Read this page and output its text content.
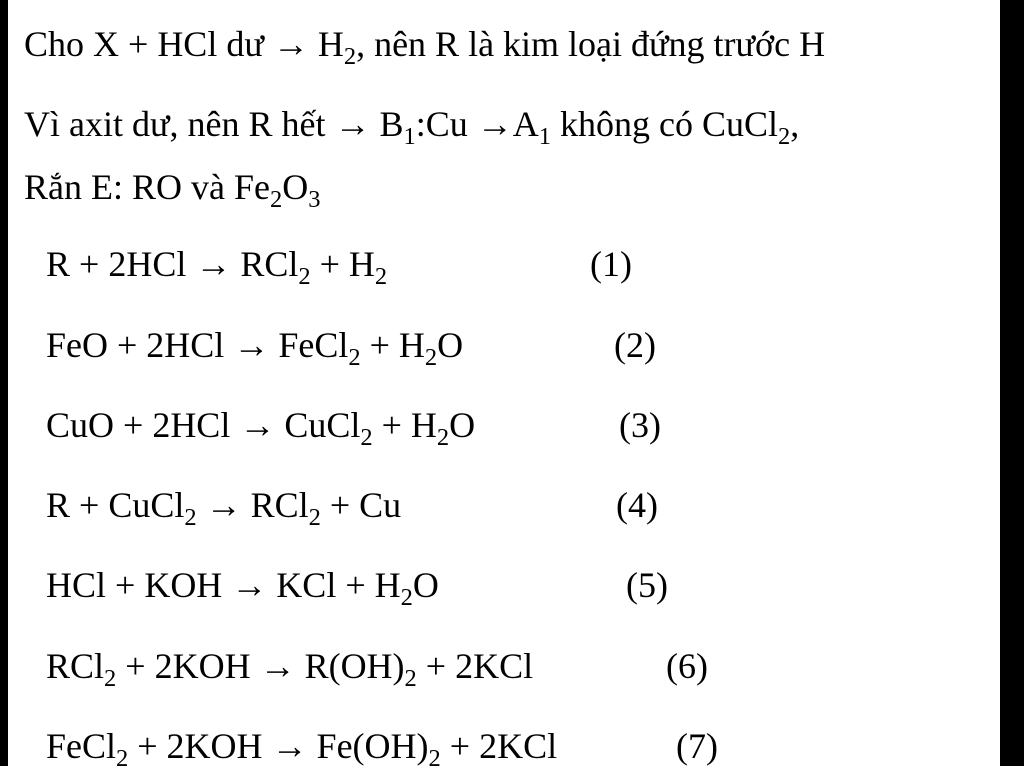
Cho X + HCl dư → $H_2$, nên R là kim loại đứng trước H
Vì axit dư, nên R hết → $B_1:Cu \to A_1$ không có CuCl$_2$,
Rắn E: RO và $Fe_2O_3$
$R + 2HCl \to RCl_2 + H_2$	(1)
FeO + 2HCl → FeCl$_2$ + $H_2O$	(2)
CuO + 2HCl → CuCl$_2$ + $H_2O$	(3)
R + CuCl$_2$ → RCl$_2$ + Cu	(4)
HCl + KOH → KCl + $H_2O$	(5)
$RCl_2 + 2KOH \to R(OH)_2 + 2KCl$	(6)
FeCl$_2$ + $2KOH \to Fe(OH)_2 + 2KCl$	(7)
